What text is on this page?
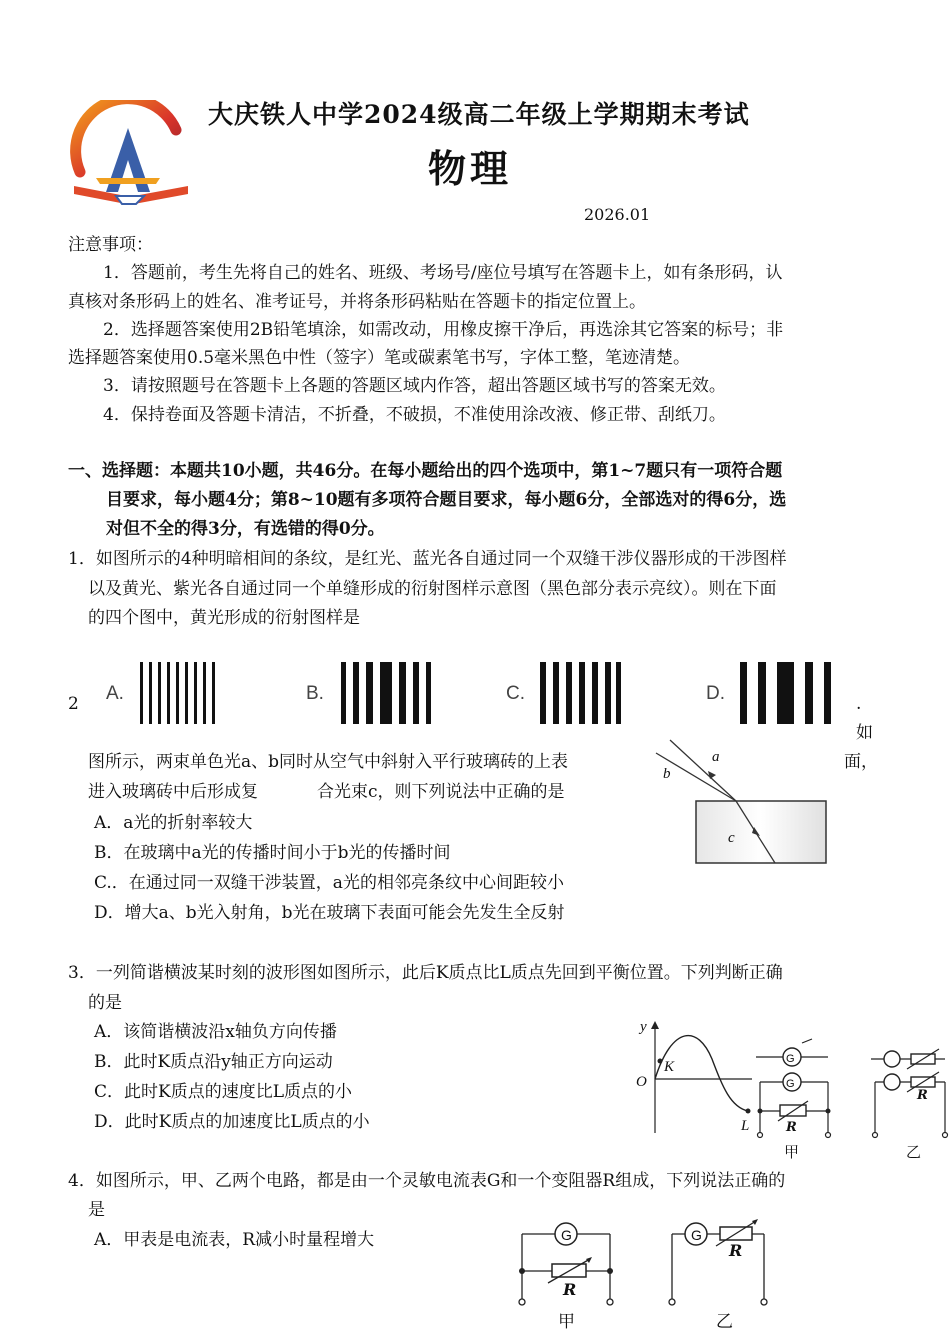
大庆铁人中学2024级高二年级上学期期末考试
物理
2026.01
注意事项：
1．答题前，考生先将自己的姓名、班级、考场号/座位号填写在答题卡上，如有条形码，认
真核对条形码上的姓名、准考证号，并将条形码粘贴在答题卡的指定位置上。
2．选择题答案使用2B铅笔填涂，如需改动，用橡皮擦干净后，再选涂其它答案的标号；非
选择题答案使用0.5毫米黑色中性（签字）笔或碳素笔书写，字体工整，笔迹清楚。
3．请按照题号在答题卡上各题的答题区域内作答，超出答题区域书写的答案无效。
4．保持卷面及答题卡清洁，不折叠，不破损，不准使用涂改液、修正带、刮纸刀。
一、选择题：本题共10小题，共46分。在每小题给出的四个选项中，第1~7题只有一项符合题
目要求，每小题4分；第8~10题有多项符合题目要求，每小题6分，全部选对的得6分，选
对但不全的得3分，有选错的得0分。
1．如图所示的4种明暗相间的条纹，是红光、蓝光各自通过同一个双缝干涉仪器形成的干涉图样
以及黄光、紫光各自通过同一个单缝形成的衍射图样示意图（黑色部分表示亮纹）。则在下面
的四个图中，黄光形成的衍射图样是
2 A.	B.	C.	D.	.
如
图所示，两束单色光a、b同时从空气中斜射入平行玻璃砖的上表	面，
进入玻璃砖中后形成复	合光束c，则下列说法中正确的是
A．a光的折射率较大
B．在玻璃中a光的传播时间小于b光的传播时间
C.．在通过同一双缝干涉装置，a光的相邻亮条纹中心间距较小
D．增大a、b光入射角，b光在玻璃下表面可能会先发生全反射
a
b
c
3．一列简谐横波某时刻的波形图如图所示，此后K质点比L质点先回到平衡位置。下列判断正确
的是
A．该简谐横波沿x轴负方向传播
B．此时K质点沿y轴正方向运动
C．此时K质点的速度比L质点的小
D．此时K质点的加速度比L质点的小
y
O
K
L
G
G
R
甲
R
乙
4．如图所示，甲、乙两个电路，都是由一个灵敏电流表G和一个变阻器R组成，下列说法正确的
是
A．甲表是电流表，R减小时量程增大	G
R
甲
G
R
乙
